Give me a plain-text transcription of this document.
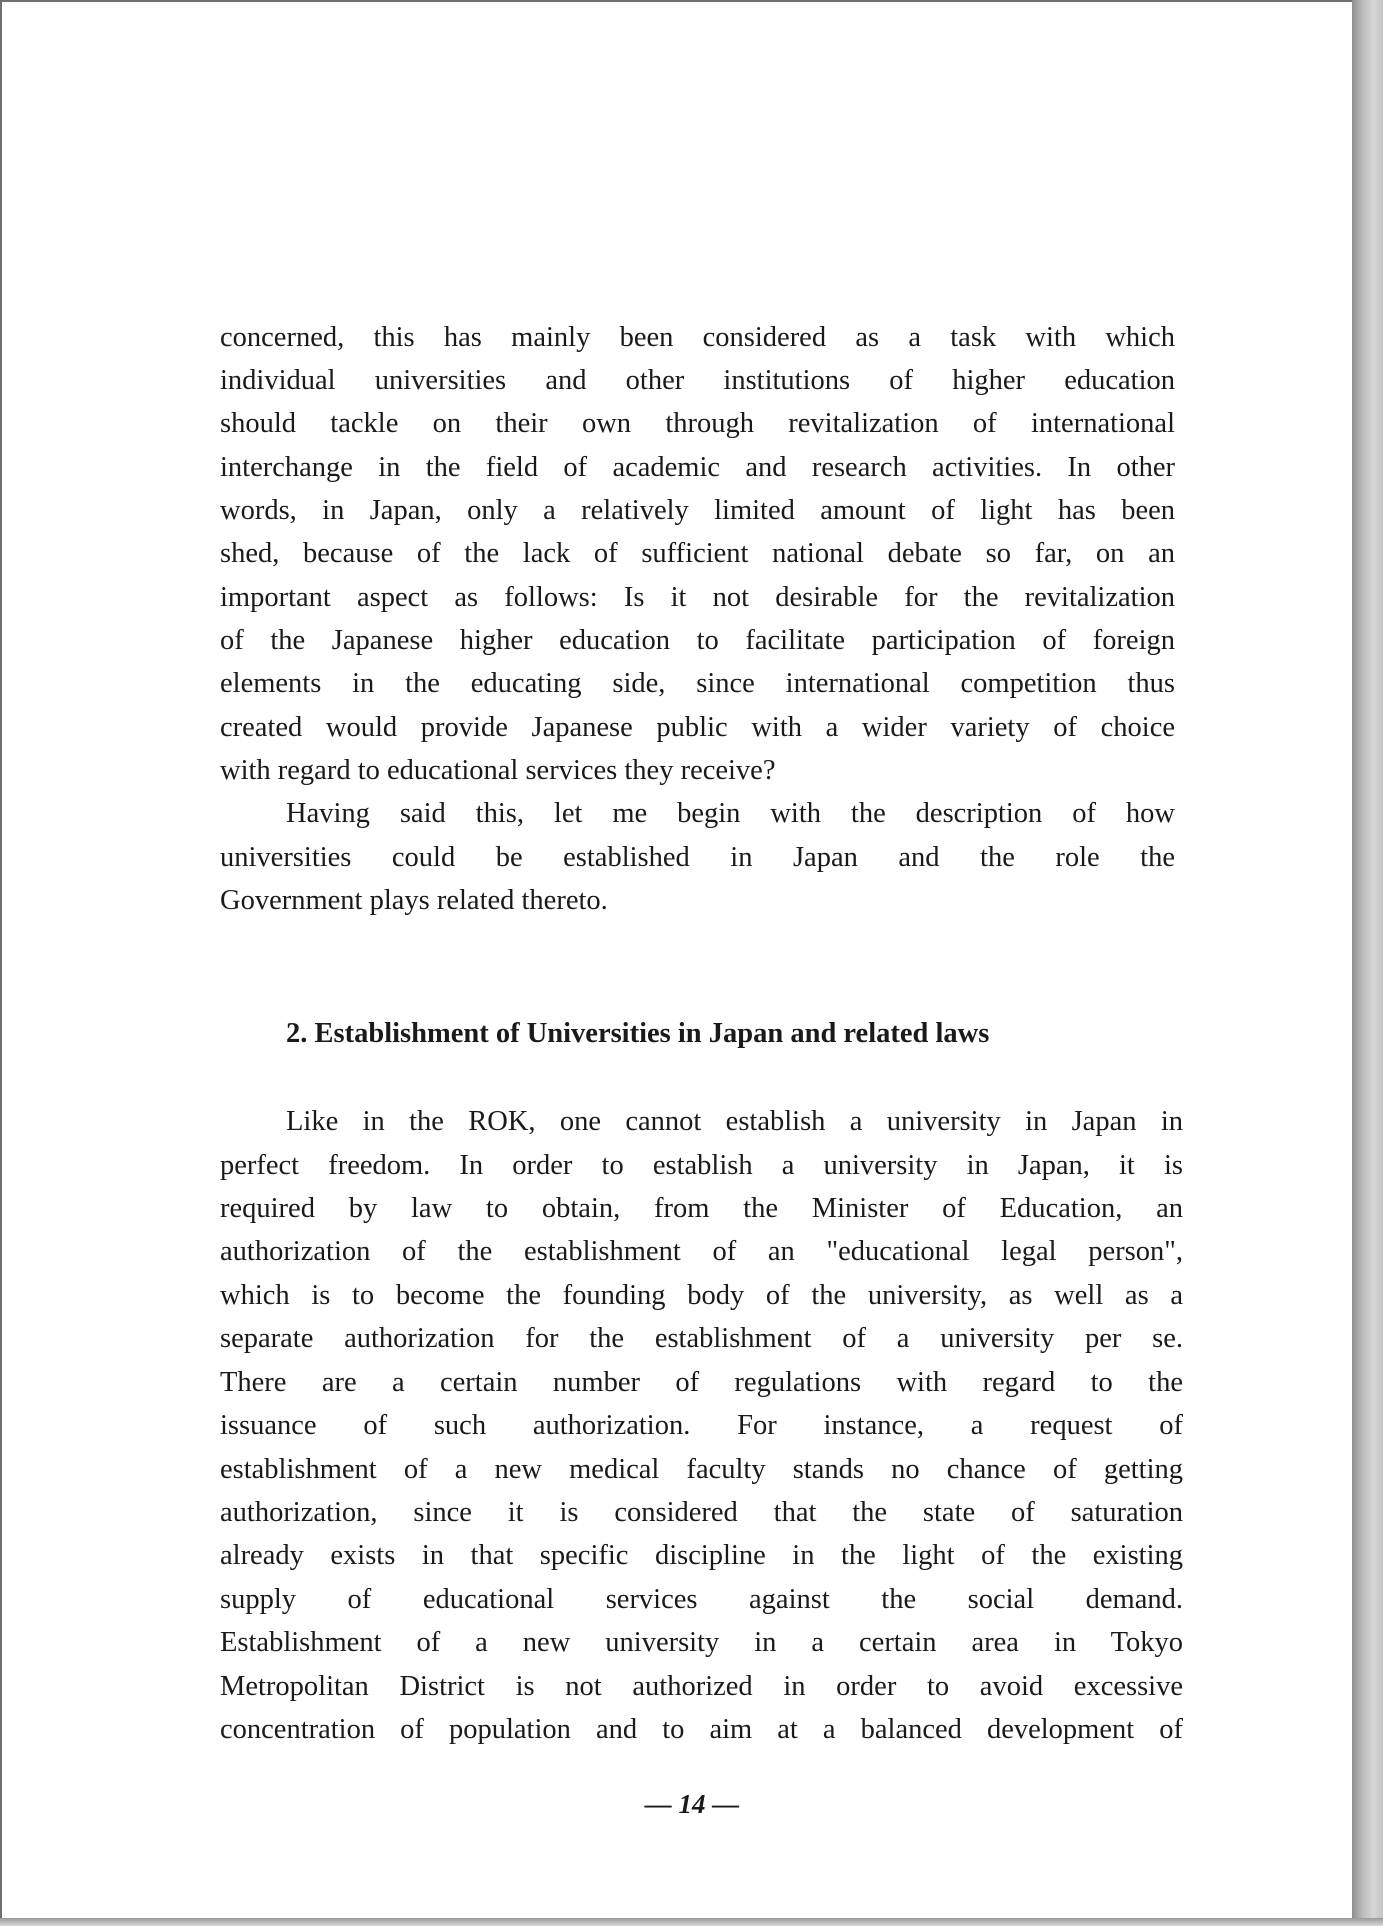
concerned, this has mainly been considered as a task with which
individual universities and other institutions of higher education
should tackle on their own through revitalization of international
interchange in the field of academic and research activities. In other
words, in Japan, only a relatively limited amount of light has been
shed, because of the lack of sufficient national debate so far, on an
important aspect as follows: Is it not desirable for the revitalization
of the Japanese higher education to facilitate participation of foreign
elements in the educating side, since international competition thus
created would provide Japanese public with a wider variety of choice
with regard to educational services they receive?
Having said this, let me begin with the description of how
universities could be established in Japan and the role the
Government plays related thereto.
2. Establishment of Universities in Japan and related laws
Like in the ROK, one cannot establish a university in Japan in
perfect freedom. In order to establish a university in Japan, it is
required by law to obtain, from the Minister of Education, an
authorization of the establishment of an "educational legal person",
which is to become the founding body of the university, as well as a
separate authorization for the establishment of a university per se.
There are a certain number of regulations with regard to the
issuance of such authorization. For instance, a request of
establishment of a new medical faculty stands no chance of getting
authorization, since it is considered that the state of saturation
already exists in that specific discipline in the light of the existing
supply of educational services against the social demand.
Establishment of a new university in a certain area in Tokyo
Metropolitan District is not authorized in order to avoid excessive
concentration of population and to aim at a balanced development of
— 14 —
